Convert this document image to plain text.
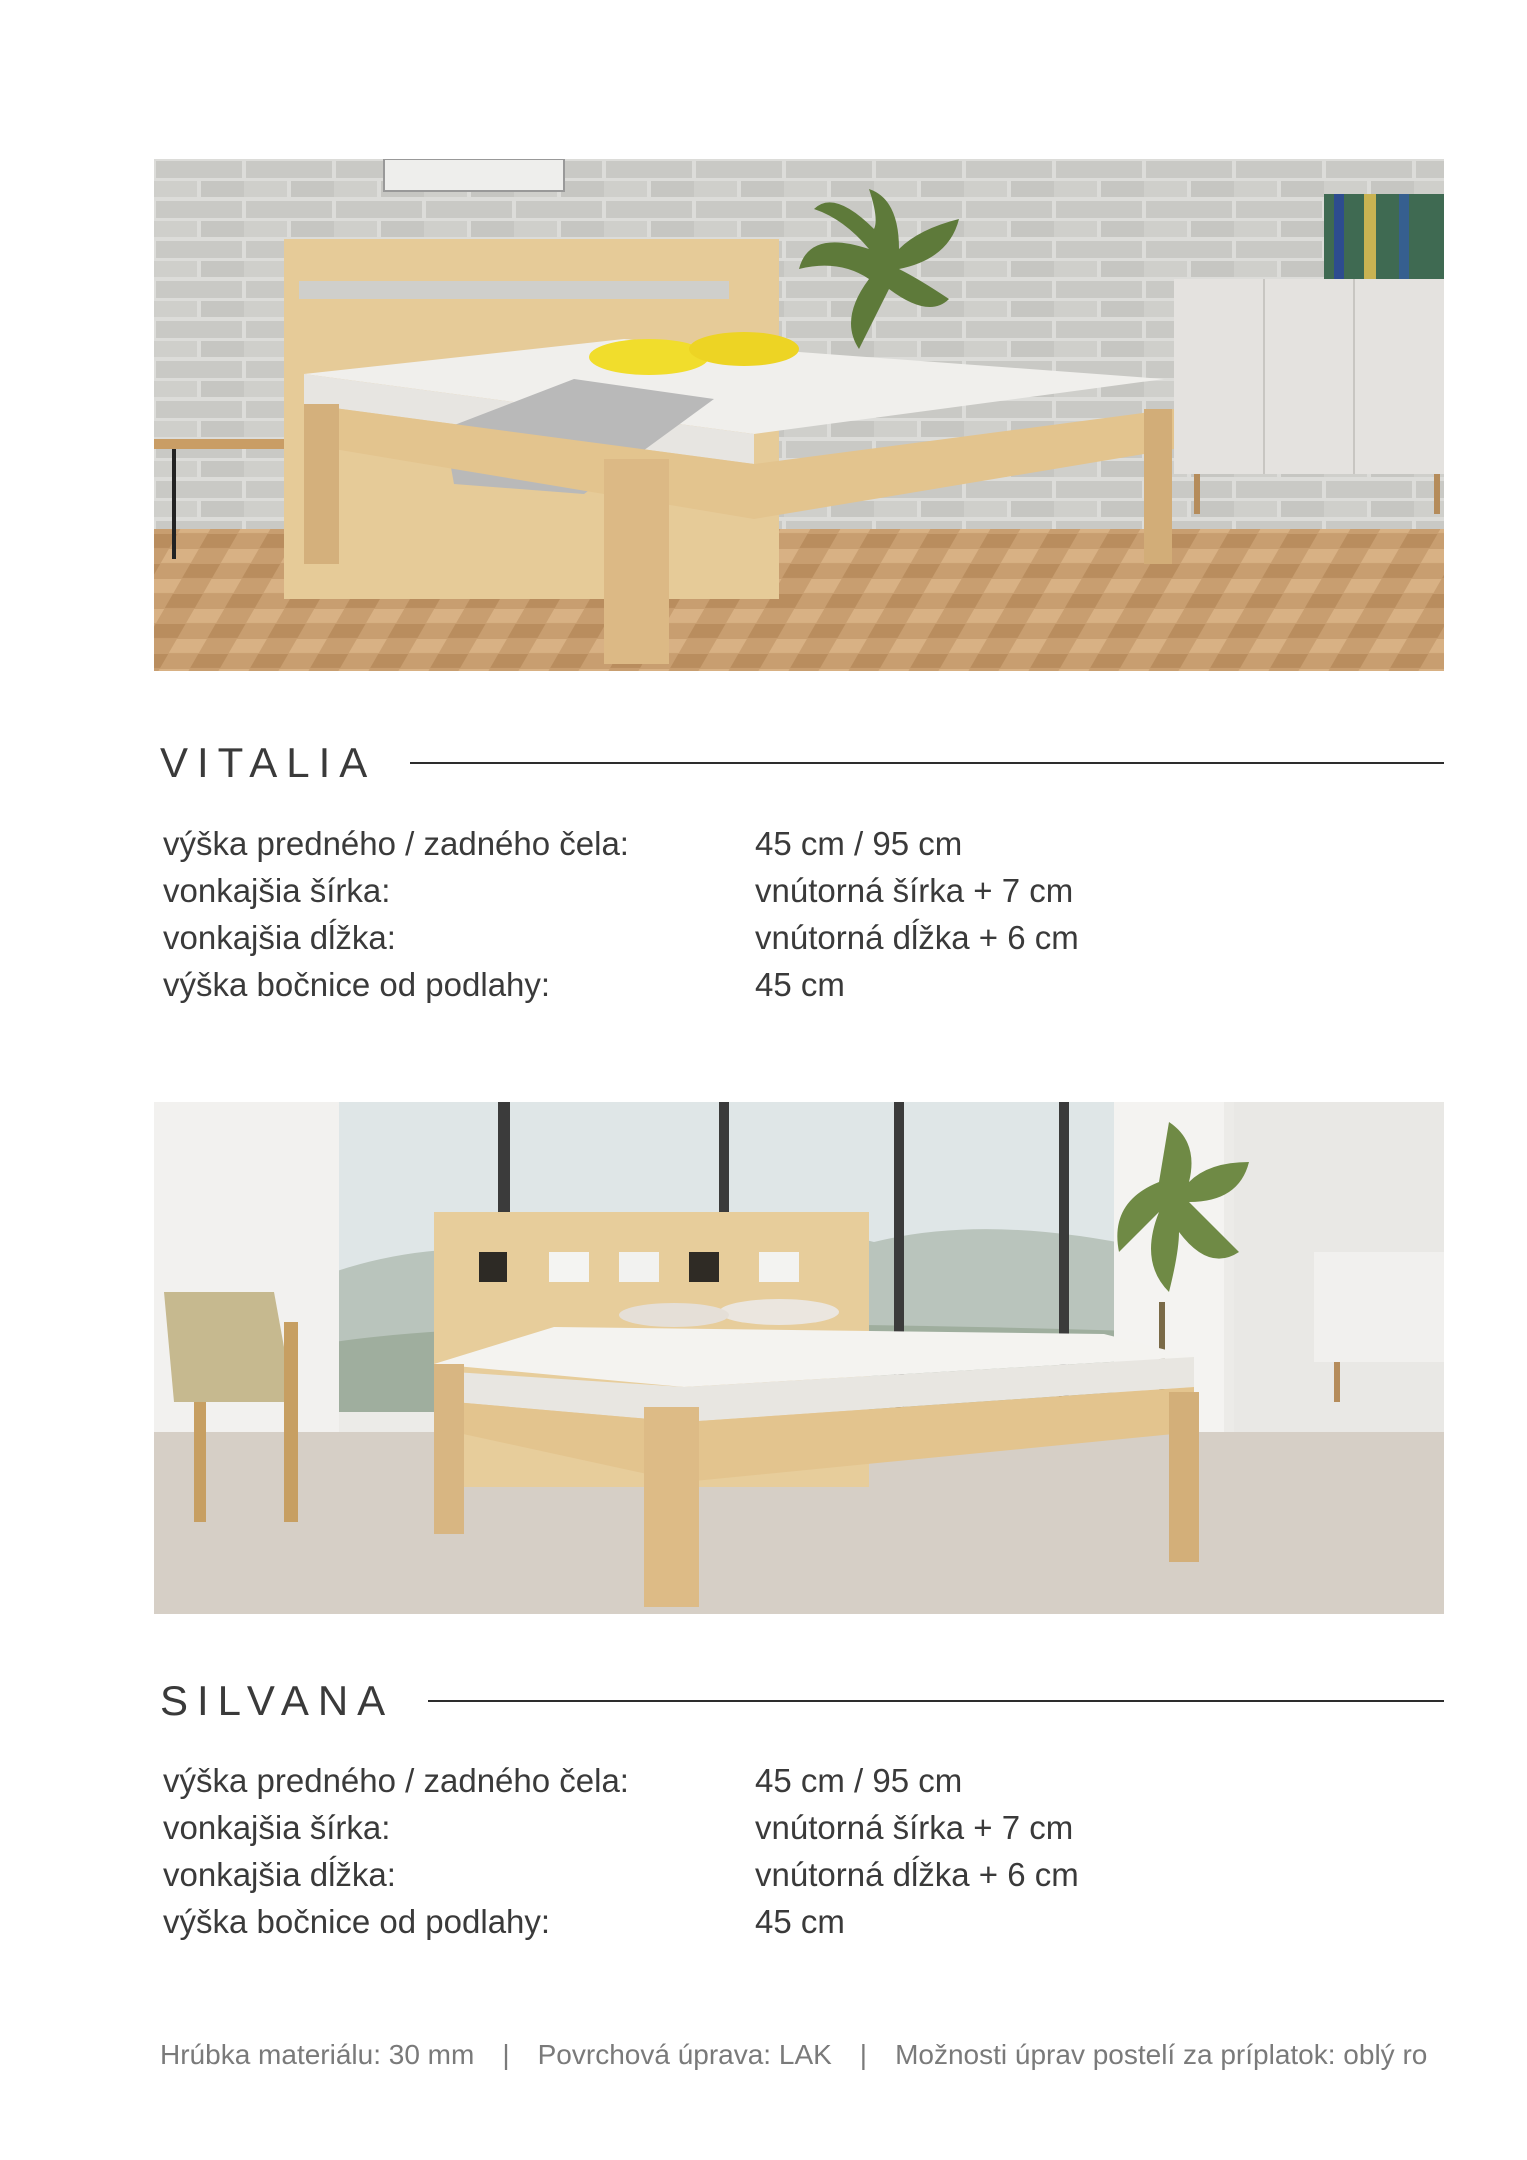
VITALIA
výška predného / zadného čela:	45 cm / 95 cm
vonkajšia šírka:	vnútorná šírka + 7 cm
vonkajšia dĺžka:	vnútorná dĺžka + 6 cm
výška bočnice od podlahy:	45 cm
SILVANA
výška predného / zadného čela:	45 cm / 95 cm
vonkajšia šírka:	vnútorná šírka + 7 cm
vonkajšia dĺžka:	vnútorná dĺžka + 6 cm
výška bočnice od podlahy:	45 cm
Hrúbka materiálu: 30 mm | Povrchová úprava: LAK | Možnosti úprav postelí za príplatok: oblý ro
